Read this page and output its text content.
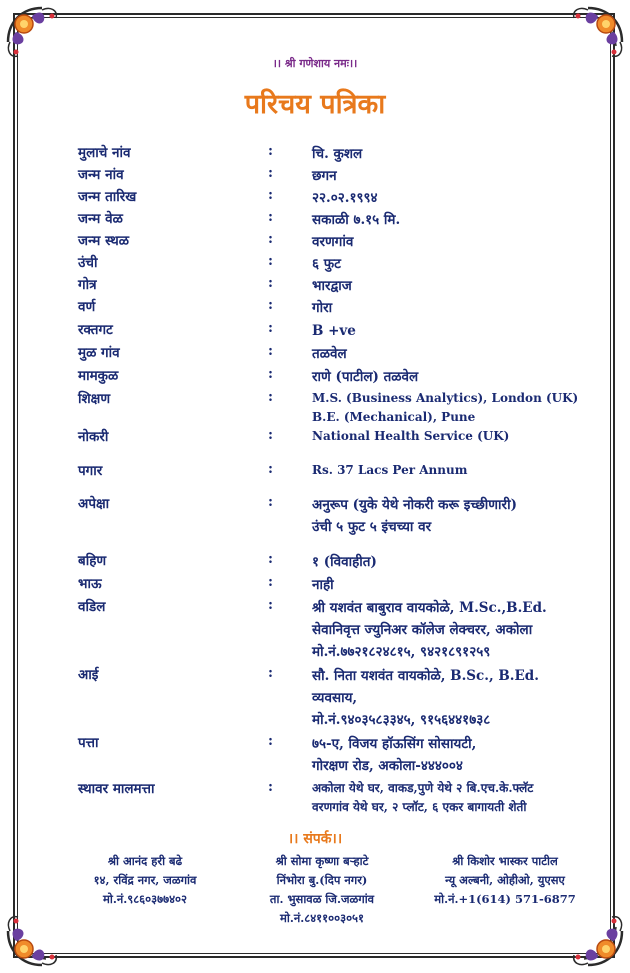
।। श्री गणेशाय नमः।।
परिचय पत्रिका
मुलाचे नांव	:	चि. कुशल
जन्म नांव	:	छगन
जन्म तारिख	:	२२.०२.१९९४
जन्म वेळ	:	सकाळी ७.१५ मि.
जन्म स्थळ	:	वरणगांव
उंची	:	६ फुट
गोत्र	:	भारद्वाज
वर्ण	:	गोरा
रक्तगट	:	B +ve
मुळ गांव	:	तळवेल
मामकुळ	:	राणे (पाटील) तळवेल
शिक्षण	:	M.S. (Business Analytics), London (UK)
B.E. (Mechanical), Pune
नोकरी	:	National Health Service (UK)
पगार	:	Rs. 37 Lacs Per Annum
अपेक्षा	:	अनुरूप (युके येथे नोकरी करू इच्छीणारी)
उंची ५ फुट ५ इंचच्या वर
बहिण	:	१ (विवाहीत)
भाऊ	:	नाही
वडिल	:	श्री यशवंत बाबुराव वायकोळे, M.Sc.,B.Ed.
सेवानिवृत्त ज्युनिअर कॉलेज लेक्चरर, अकोला
मो.नं.७७२१८२४८१५, ९४२१८९१२५९
आई	:	सौ. निता यशवंत वायकोळे, B.Sc., B.Ed.
व्यवसाय,
मो.नं.९४०३५८३३४५, ९१५६४४१७३८
पत्ता	:	७५-ए, विजय हॉऊसिंग सोसायटी,
गोरक्षण रोड, अकोला-४४४००४
स्थावर मालमत्ता	:	अकोला येथे घर, वाकड,पुणे येथे २ बि.एच.के.फ्लॅट
वरणगांव येथे घर, २ प्लॉट, ६ एकर बागायती शेती
।। संपर्क।।
श्री आनंद हरी बढे
१४, रविंद्र नगर, जळगांव
मो.नं.९८६०३७७४०२
श्री सोमा कृष्णा बऱ्हाटे
निंभोरा बु.(दिप नगर)
ता. भुसावळ जि.जळगांव
मो.नं.८४११००३०५१
श्री किशोर भास्कर पाटील
न्यू अल्बनी, ओहीओ, युएसए
मो.नं.+1(614) 571-6877
